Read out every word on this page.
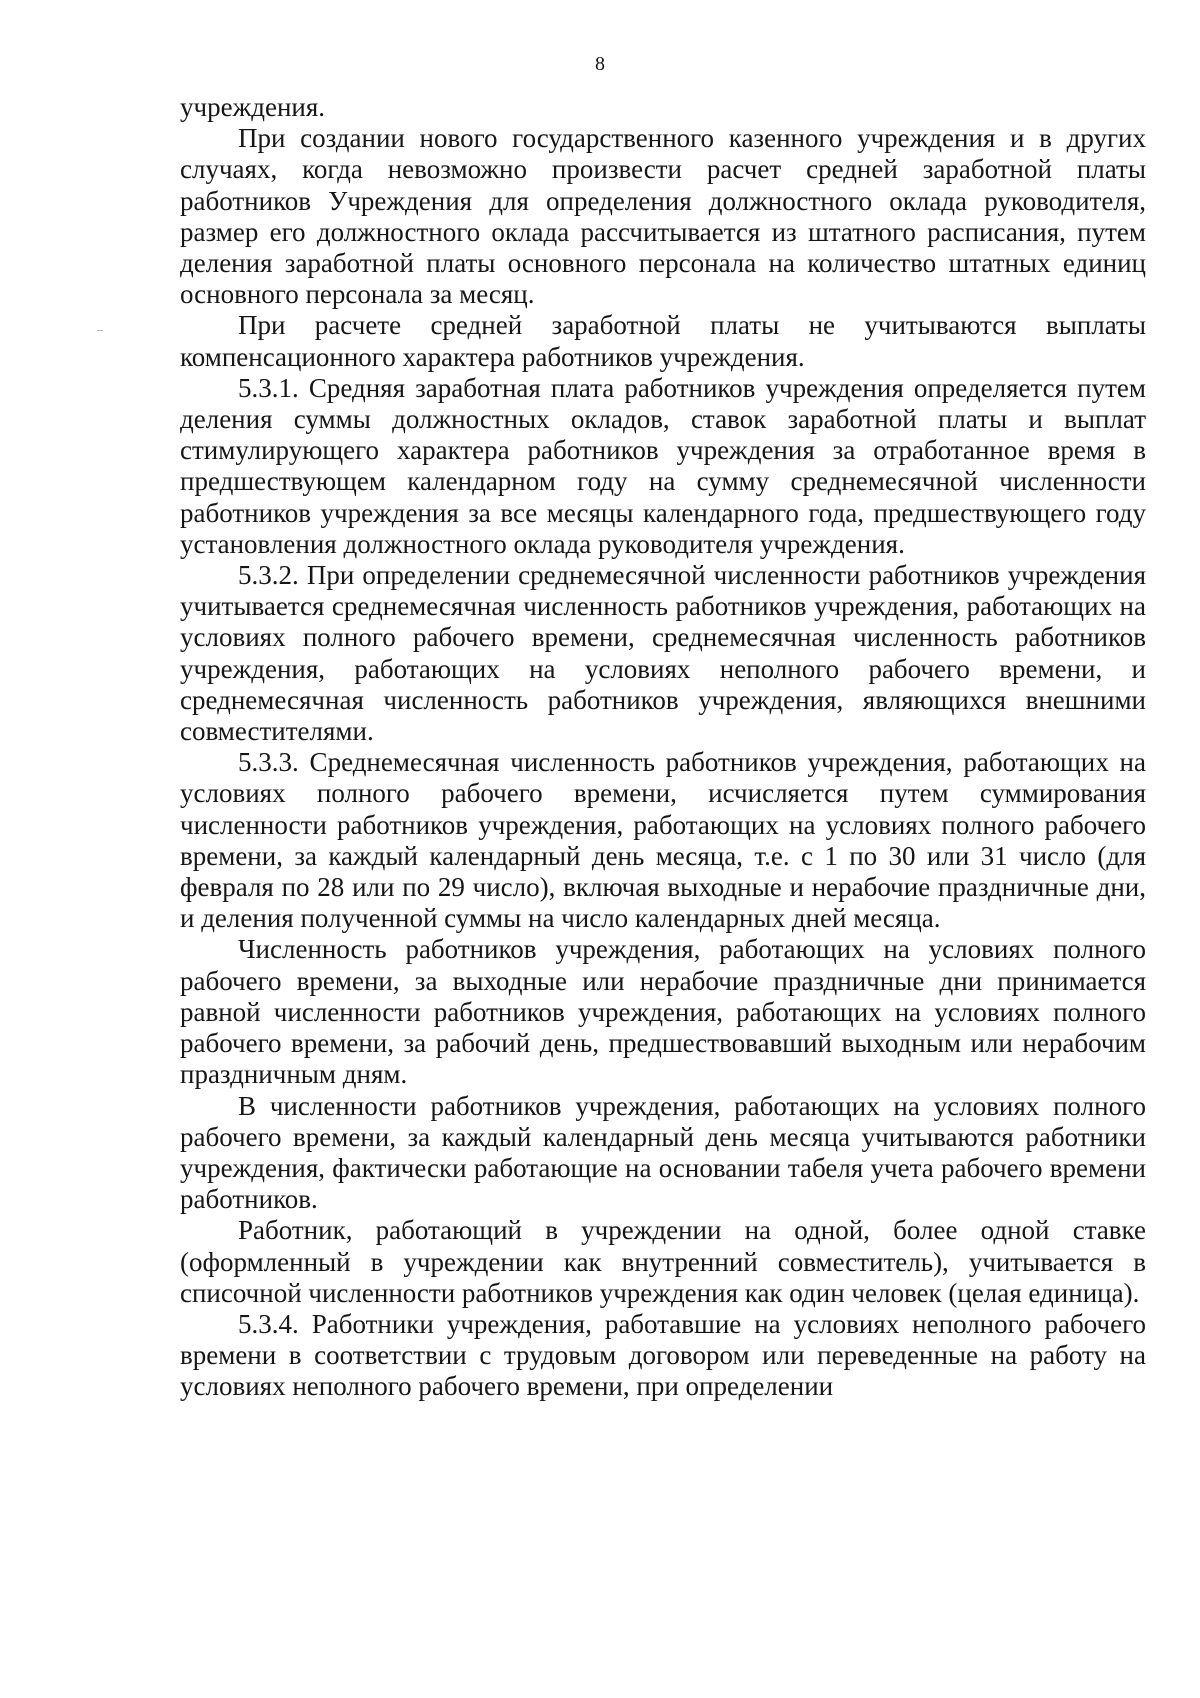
8

учреждения.

При создании нового государственного казенного учреждения и в других случаях, когда невозможно произвести расчет средней заработной платы работников Учреждения для определения должностного оклада руководителя, размер его должностного оклада рассчитывается из штатного расписания, путем деления заработной платы основного персонала на количество штатных единиц основного персонала за месяц.

При расчете средней заработной платы не учитываются выплаты компенсационного характера работников учреждения.

5.3.1. Средняя заработная плата работников учреждения определяется путем деления суммы должностных окладов, ставок заработной платы и выплат стимулирующего характера работников учреждения за отработанное время в предшествующем календарном году на сумму среднемесячной численности работников учреждения за все месяцы календарного года, предшествующего году установления должностного оклада руководителя учреждения.

5.3.2. При определении среднемесячной численности работников учреждения учитывается среднемесячная численность работников учреждения, работающих на условиях полного рабочего времени, среднемесячная численность работников учреждения, работающих на условиях неполного рабочего времени, и среднемесячная численность работников учреждения, являющихся внешними совместителями.

5.3.3. Среднемесячная численность работников учреждения, работающих на условиях полного рабочего времени, исчисляется путем суммирования численности работников учреждения, работающих на условиях полного рабочего времени, за каждый календарный день месяца, т.е. с 1 по 30 или 31 число (для февраля по 28 или по 29 число), включая выходные и нерабочие праздничные дни, и деления полученной суммы на число календарных дней месяца.

Численность работников учреждения, работающих на условиях полного рабочего времени, за выходные или нерабочие праздничные дни принимается равной численности работников учреждения, работающих на условиях полного рабочего времени, за рабочий день, предшествовавший выходным или нерабочим праздничным дням.

В численности работников учреждения, работающих на условиях полного рабочего времени, за каждый календарный день месяца учитываются работники учреждения, фактически работающие на основании табеля учета рабочего времени работников.

Работник, работающий в учреждении на одной, более одной ставке (оформленный в учреждении как внутренний совместитель), учитывается в списочной численности работников учреждения как один человек (целая единица).

5.3.4. Работники учреждения, работавшие на условиях неполного рабочего времени в соответствии с трудовым договором или переведенные на работу на условиях неполного рабочего времени, при определении
